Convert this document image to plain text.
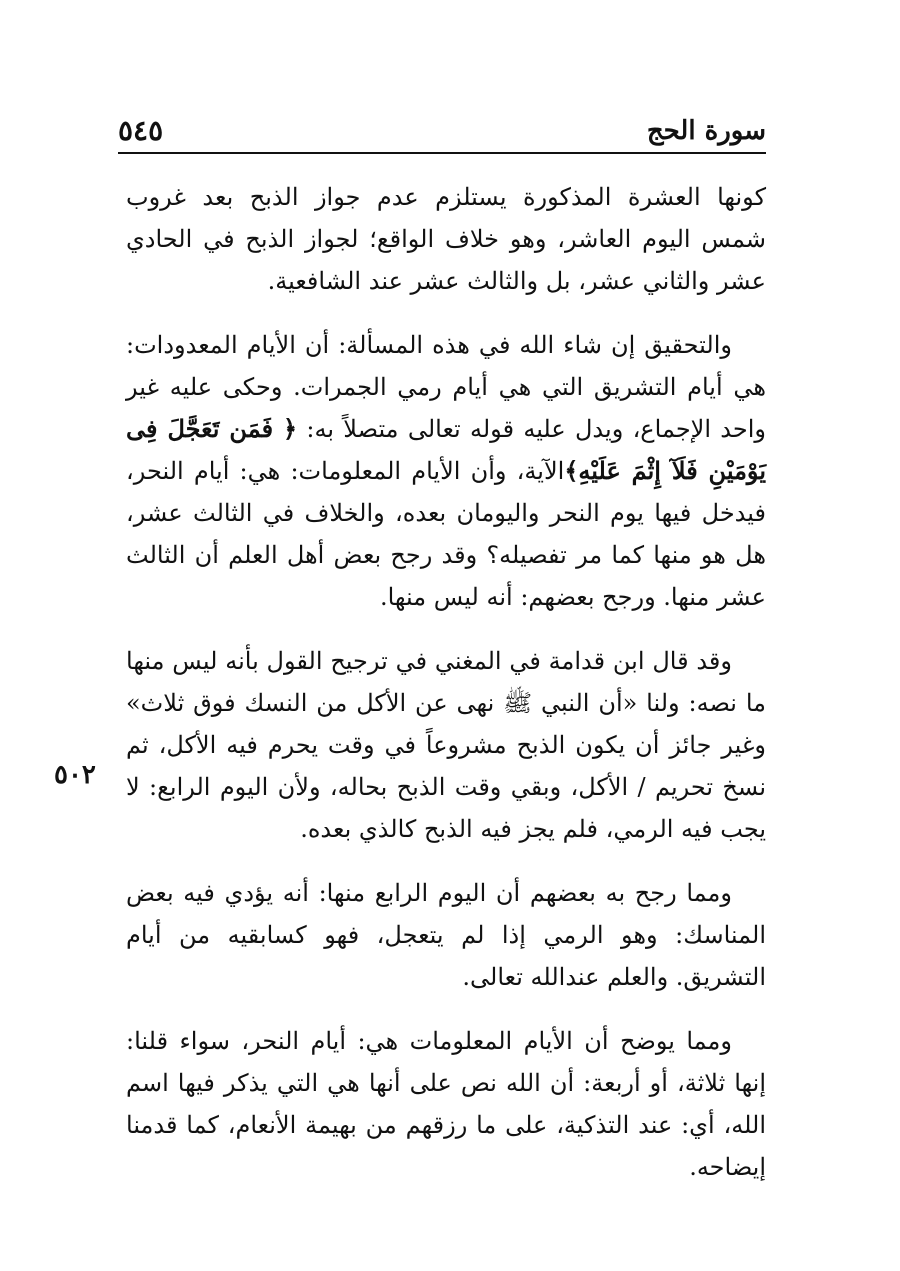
سورة الحج
٥٤٥

كونها العشرة المذكورة يستلزم عدم جواز الذبح بعد غروب شمس اليوم العاشر، وهو خلاف الواقع؛ لجواز الذبح في الحادي عشر والثاني عشر، بل والثالث عشر عند الشافعية.

والتحقيق إن شاء الله في هذه المسألة: أن الأيام المعدودات: هي أيام التشريق التي هي أيام رمي الجمرات. وحكى عليه غير واحد الإجماع، ويدل عليه قوله تعالى متصلاً به: ﴿ فَمَن تَعَجَّلَ فِى يَوْمَيْنِ فَلَآ إِثْمَ عَلَيْهِ﴾الآية، وأن الأيام المعلومات: هي: أيام النحر، فيدخل فيها يوم النحر واليومان بعده، والخلاف في الثالث عشر، هل هو منها كما مر تفصيله؟ وقد رجح بعض أهل العلم أن الثالث عشر منها. ورجح بعضهم: أنه ليس منها.

وقد قال ابن قدامة في المغني في ترجيح القول بأنه ليس منها ما نصه: ولنا «أن النبي ﷺ نهى عن الأكل من النسك فوق ثلاث» وغير جائز أن يكون الذبح مشروعاً في وقت يحرم فيه الأكل، ثم نسخ تحريم / الأكل، وبقي وقت الذبح بحاله، ولأن اليوم الرابع: لا يجب فيه الرمي، فلم يجز فيه الذبح كالذي بعده.

ومما رجح به بعضهم أن اليوم الرابع منها: أنه يؤدي فيه بعض المناسك: وهو الرمي إذا لم يتعجل، فهو كسابقيه من أيام التشريق. والعلم عندالله تعالى.

ومما يوضح أن الأيام المعلومات هي: أيام النحر، سواء قلنا: إنها ثلاثة، أو أربعة: أن الله نص على أنها هي التي يذكر فيها اسم الله، أي: عند التذكية، على ما رزقهم من بهيمة الأنعام، كما قدمنا إيضاحه.

٥٠٢
